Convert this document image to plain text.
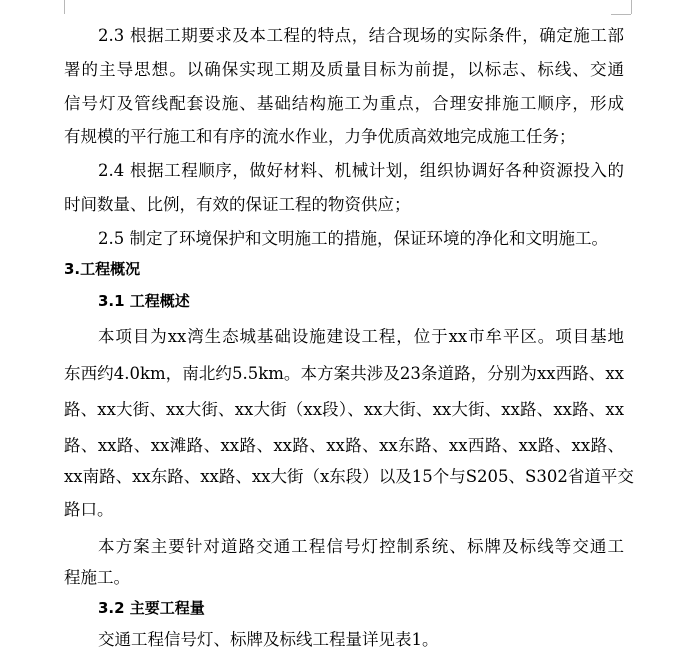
2.3 根据工期要求及本工程的特点，结合现场的实际条件，确定施工部
署的主导思想。以确保实现工期及质量目标为前提，以标志、标线、交通
信号灯及管线配套设施、基础结构施工为重点，合理安排施工顺序，形成
有规模的平行施工和有序的流水作业，力争优质高效地完成施工任务；
2.4 根据工程顺序，做好材料、机械计划，组织协调好各种资源投入的
时间数量、比例，有效的保证工程的物资供应；
2.5 制定了环境保护和文明施工的措施，保证环境的净化和文明施工。
3.工程概况
3.1 工程概述
本项目为xx湾生态城基础设施建设工程，位于xx市牟平区。项目基地
东西约4.0km，南北约5.5km。本方案共涉及23条道路，分别为xx西路、xx
路、xx大街、xx大街、xx大街（xx段）、xx大街、xx大街、xx路、xx路、xx
路、xx路、xx滩路、xx路、xx路、xx路、xx东路、xx西路、xx路、xx路、
xx南路、xx东路、xx路、xx大街（x东段）以及15个与S205、S302省道平交
路口。
本方案主要针对道路交通工程信号灯控制系统、标牌及标线等交通工
程施工。
3.2 主要工程量
交通工程信号灯、标牌及标线工程量详见表1。
